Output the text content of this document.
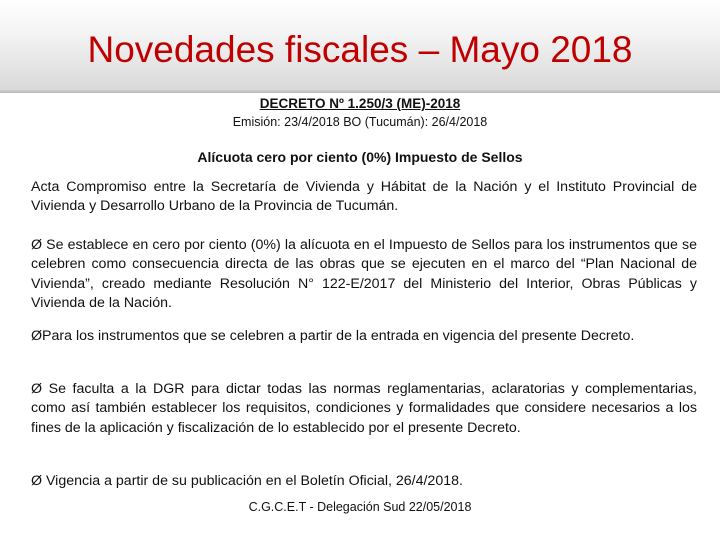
Novedades fiscales – Mayo 2018
DECRETO Nº 1.250/3 (ME)-2018
Emisión: 23/4/2018 BO (Tucumán): 26/4/2018
Alícuota cero por ciento (0%) Impuesto de Sellos
Acta Compromiso entre la Secretaría de Vivienda y Hábitat de la Nación y el Instituto Provincial de Vivienda y Desarrollo Urbano de la Provincia de Tucumán.
Ø Se establece en cero por ciento (0%) la alícuota en el Impuesto de Sellos para los instrumentos que se celebren como consecuencia directa de las obras que se ejecuten en el marco del “Plan Nacional de Vivienda”, creado mediante Resolución N° 122-E/2017 del Ministerio del Interior, Obras Públicas y Vivienda de la Nación.
ØPara los instrumentos que se celebren a partir de la entrada en vigencia del presente Decreto.
Ø Se faculta a la DGR para dictar todas las normas reglamentarias, aclaratorias y complementarias, como así también establecer los requisitos, condiciones y formalidades que considere necesarios a los fines de la aplicación y fiscalización de lo establecido por el presente Decreto.
Ø Vigencia a partir de su publicación en el Boletín Oficial, 26/4/2018.
C.G.C.E.T - Delegación Sud 22/05/2018
